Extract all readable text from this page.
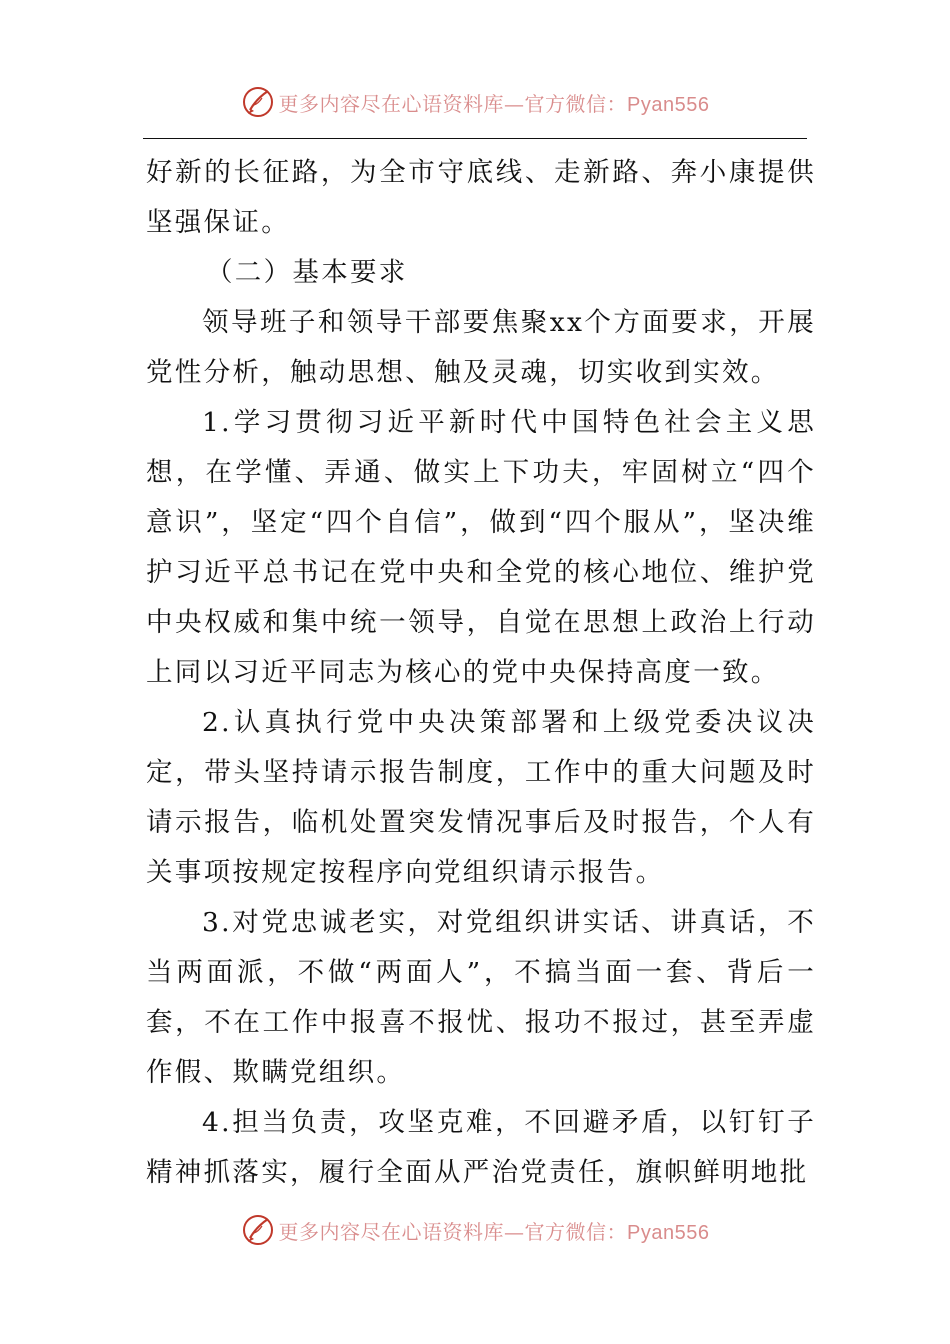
更多内容尽在心语资料库—官方微信：Pyan556

好新的长征路，为全市守底线、走新路、奔小康提供坚强保证。

（二）基本要求

领导班子和领导干部要焦聚xx个方面要求，开展党性分析，触动思想、触及灵魂，切实收到实效。

1.学习贯彻习近平新时代中国特色社会主义思想，在学懂、弄通、做实上下功夫，牢固树立“四个意识”，坚定“四个自信”，做到“四个服从”，坚决维护习近平总书记在党中央和全党的核心地位、维护党中央权威和集中统一领导，自觉在思想上政治上行动上同以习近平同志为核心的党中央保持高度一致。

2.认真执行党中央决策部署和上级党委决议决定，带头坚持请示报告制度，工作中的重大问题及时请示报告，临机处置突发情况事后及时报告，个人有关事项按规定按程序向党组织请示报告。

3.对党忠诚老实，对党组织讲实话、讲真话，不当两面派，不做“两面人”，不搞当面一套、背后一套，不在工作中报喜不报忧、报功不报过，甚至弄虚作假、欺瞒党组织。

4.担当负责，攻坚克难，不回避矛盾，以钉钉子精神抓落实，履行全面从严治党责任，旗帜鲜明地批

更多内容尽在心语资料库—官方微信：Pyan556
